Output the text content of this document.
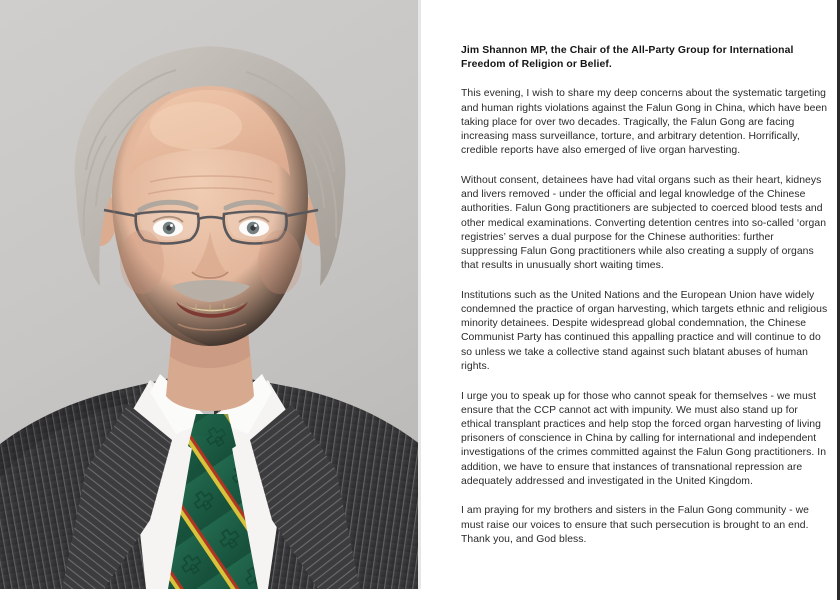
Jim Shannon MP, the Chair of the All-Party Group for International Freedom of Religion or Belief.

This evening, I wish to share my deep concerns about the systematic targeting and human rights violations against the Falun Gong in China, which have been taking place for over two decades. Tragically, the Falun Gong are facing increasing mass surveillance, torture, and arbitrary detention. Horrifically, credible reports have also emerged of live organ harvesting.

Without consent, detainees have had vital organs such as their heart, kidneys and livers removed - under the official and legal knowledge of the Chinese authorities. Falun Gong practitioners are subjected to coerced blood tests and other medical examinations. Converting detention centres into so-called ‘organ registries’ serves a dual purpose for the Chinese authorities: further suppressing Falun Gong practitioners while also creating a supply of organs that results in unusually short waiting times.

Institutions such as the United Nations and the European Union have widely condemned the practice of organ harvesting, which targets ethnic and religious minority detainees. Despite widespread global condemnation, the Chinese Communist Party has continued this appalling practice and will continue to do so unless we take a collective stand against such blatant abuses of human rights.

I urge you to speak up for those who cannot speak for themselves - we must ensure that the CCP cannot act with impunity. We must also stand up for ethical transplant practices and help stop the forced organ harvesting of living prisoners of conscience in China by calling for international and independent investigations of the crimes committed against the Falun Gong practitioners. In addition, we have to ensure that instances of transnational repression are adequately addressed and investigated in the United Kingdom.

I am praying for my brothers and sisters in the Falun Gong community - we must raise our voices to ensure that such persecution is brought to an end. Thank you, and God bless.
